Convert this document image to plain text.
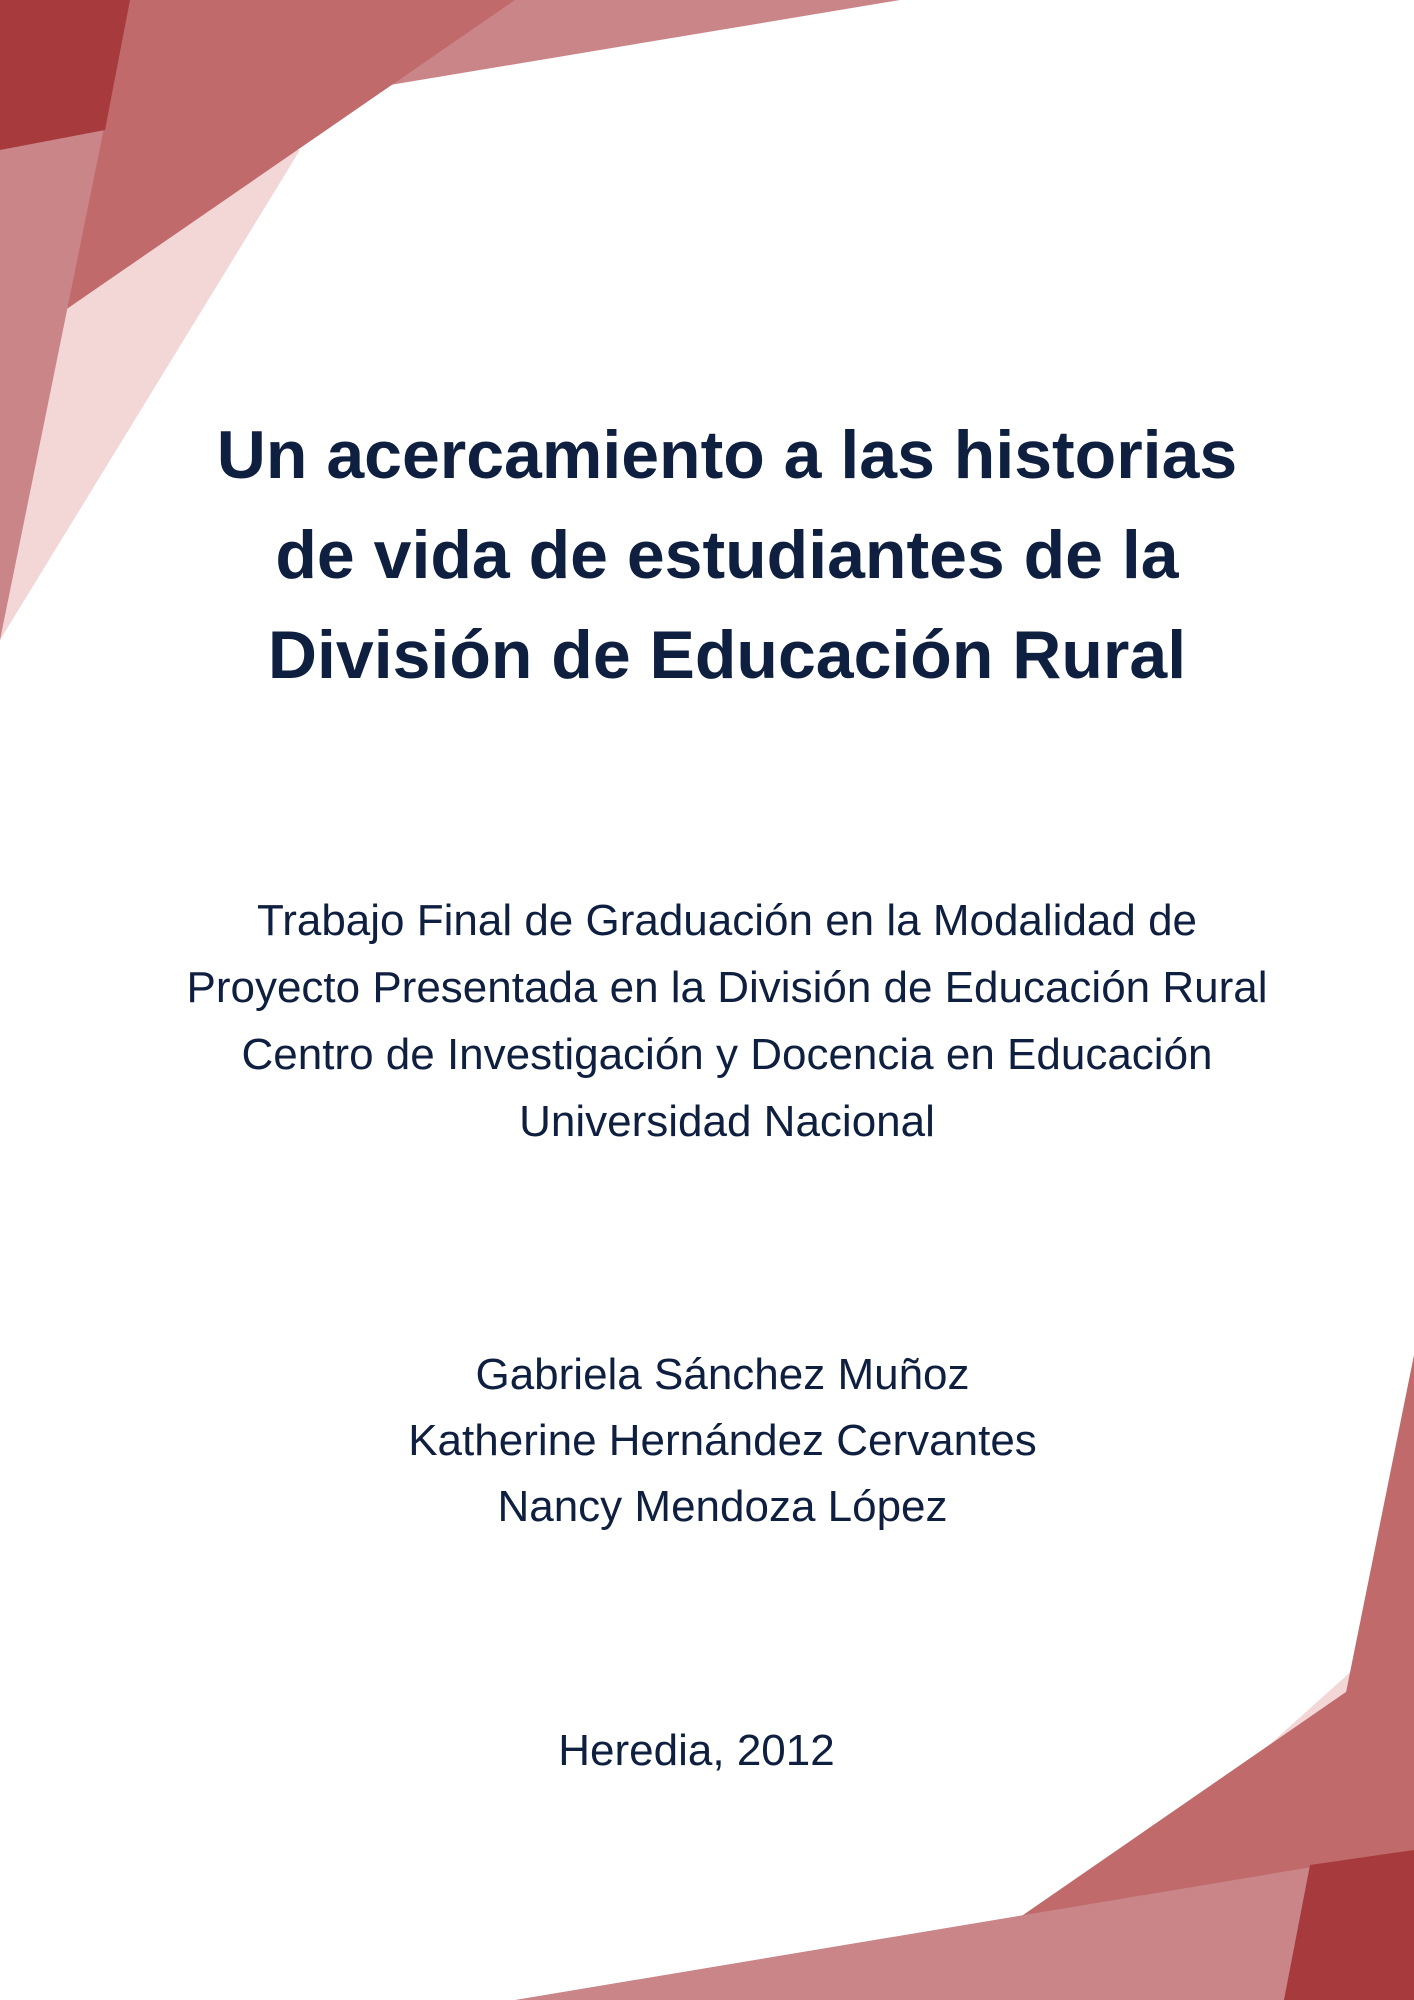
Un acercamiento a las historias
de vida de estudiantes de la
División de Educación Rural
Trabajo Final de Graduación en la Modalidad de
Proyecto Presentada en la División de Educación Rural
Centro de Investigación y Docencia en Educación
Universidad Nacional
Gabriela Sánchez Muñoz
Katherine Hernández Cervantes
Nancy Mendoza López
Heredia, 2012
